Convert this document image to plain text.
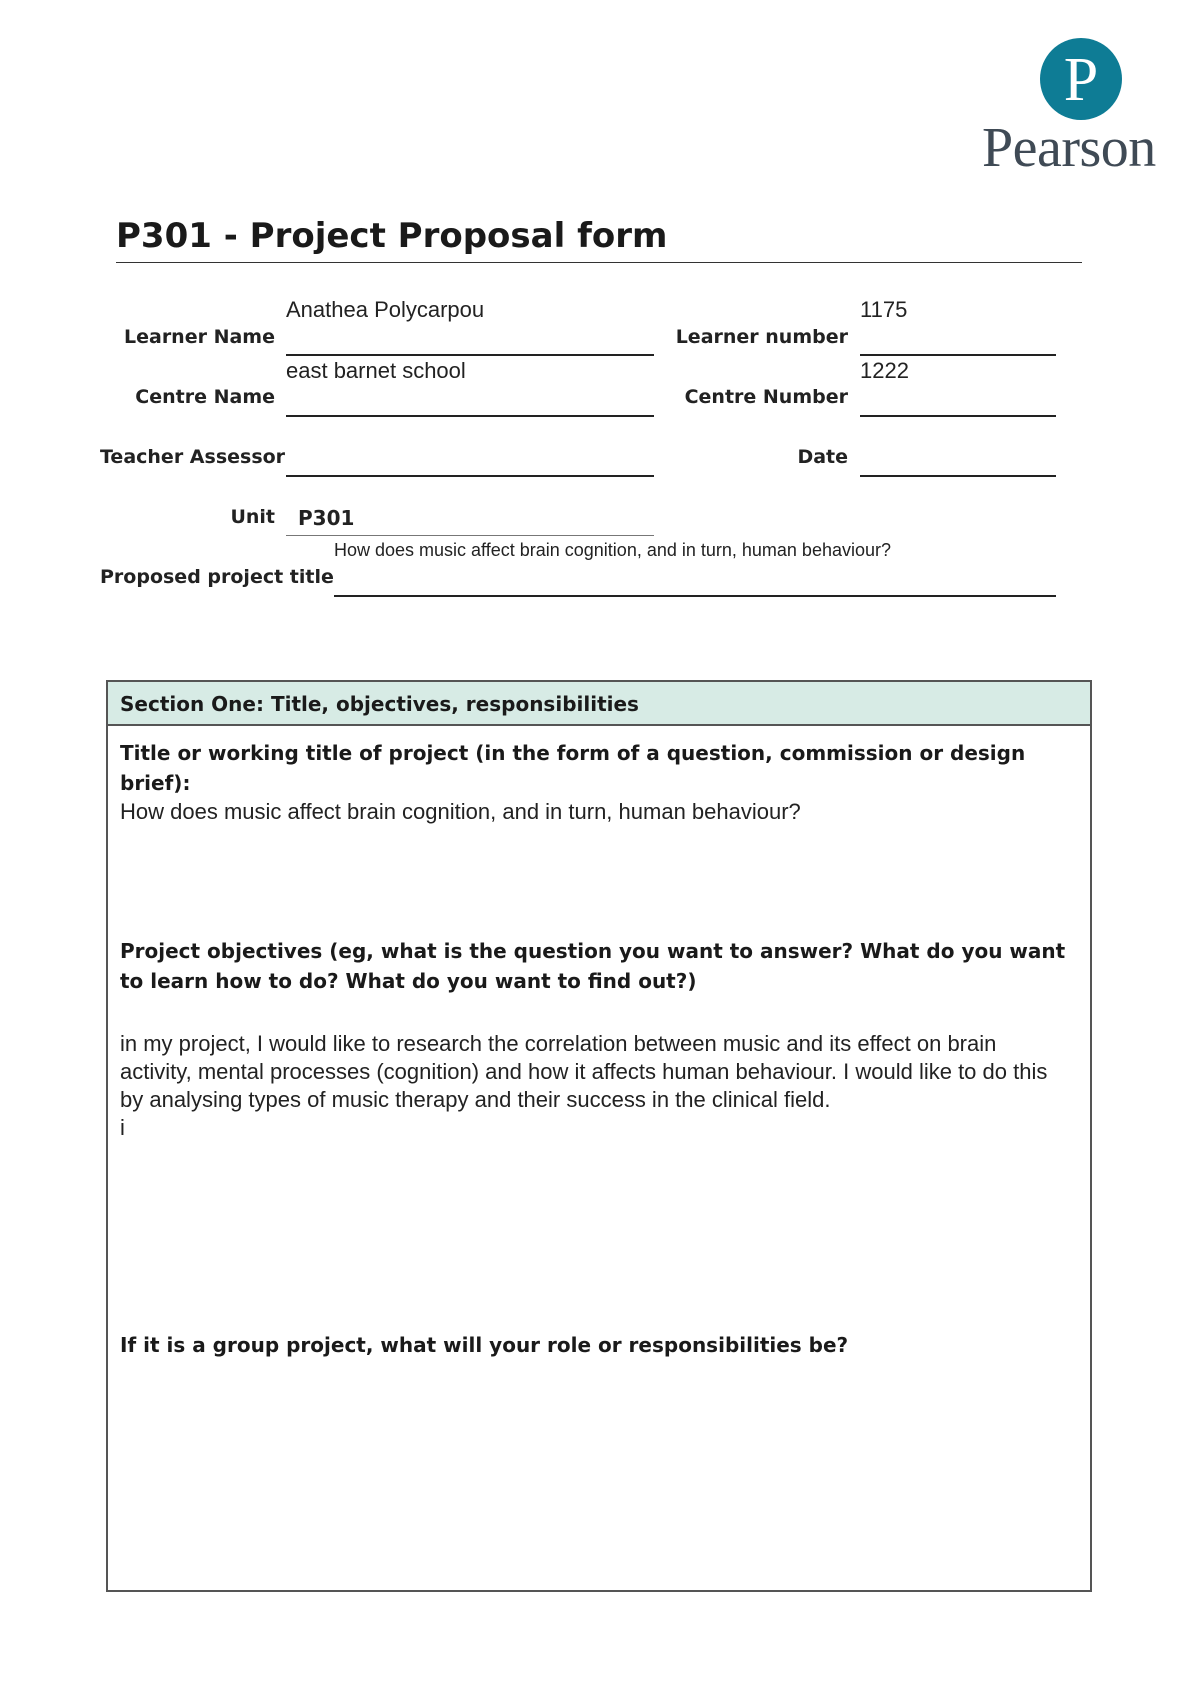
P
Pearson
P301 - Project Proposal form
Anathea Polycarpou
Learner Name
1175
Learner number
east barnet school
Centre Name
1222
Centre Number
Teacher Assessor	Date
Unit P301
How does music affect brain cognition, and in turn, human behaviour?
Proposed project title
Section One: Title, objectives, responsibilities
Title or working title of project (in the form of a question, commission or design brief):
How does music affect brain cognition, and in turn, human behaviour?
Project objectives (eg, what is the question you want to answer? What do you want to learn how to do? What do you want to find out?)
in my project, I would like to research the correlation between music and its effect on brain activity, mental processes (cognition) and how it affects human behaviour. I would like to do this by analysing types of music therapy and their success in the clinical field.
i
If it is a group project, what will your role or responsibilities be?
